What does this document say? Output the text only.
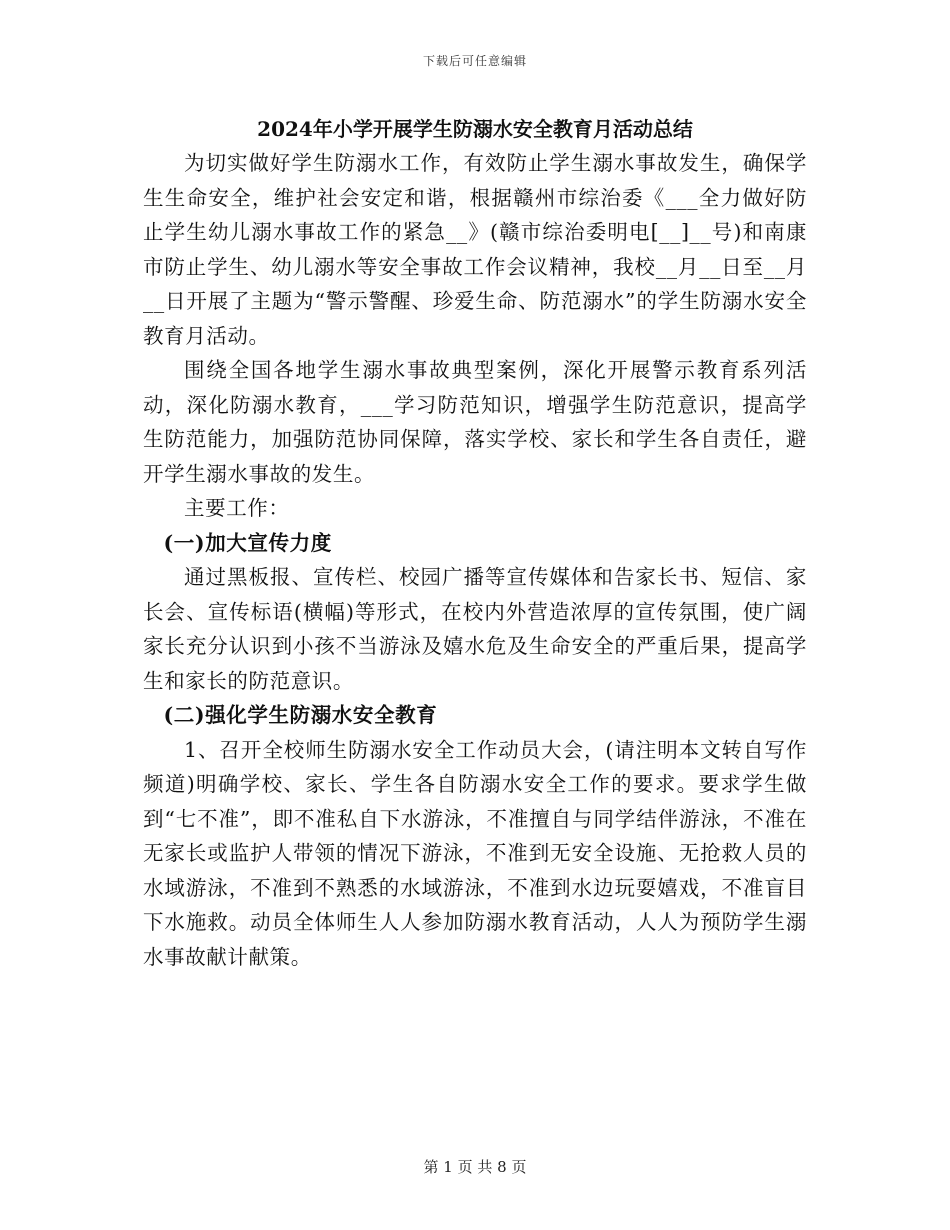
下载后可任意编辑
2024年小学开展学生防溺水安全教育月活动总结

为切实做好学生防溺水工作，有效防止学生溺水事故发生，确保学生生命安全，维护社会安定和谐，根据赣州市综治委《___全力做好防止学生幼儿溺水事故工作的紧急__》(赣市综治委明电[__]__号)和南康市防止学生、幼儿溺水等安全事故工作会议精神，我校__月__日至__月__日开展了主题为“警示警醒、珍爱生命、防范溺水”的学生防溺水安全教育月活动。

围绕全国各地学生溺水事故典型案例，深化开展警示教育系列活动，深化防溺水教育，___学习防范知识，增强学生防范意识，提高学生防范能力，加强防范协同保障，落实学校、家长和学生各自责任，避开学生溺水事故的发生。

主要工作：

(一)加大宣传力度

通过黑板报、宣传栏、校园广播等宣传媒体和告家长书、短信、家长会、宣传标语(横幅)等形式，在校内外营造浓厚的宣传氛围，使广阔家长充分认识到小孩不当游泳及嬉水危及生命安全的严重后果，提高学生和家长的防范意识。

(二)强化学生防溺水安全教育

1、召开全校师生防溺水安全工作动员大会，(请注明本文转自写作频道)明确学校、家长、学生各自防溺水安全工作的要求。要求学生做到“七不准”，即不准私自下水游泳，不准擅自与同学结伴游泳，不准在无家长或监护人带领的情况下游泳，不准到无安全设施、无抢救人员的水域游泳，不准到不熟悉的水域游泳，不准到水边玩耍嬉戏，不准盲目下水施救。动员全体师生人人参加防溺水教育活动，人人为预防学生溺水事故献计献策。

第 1 页 共 8 页
